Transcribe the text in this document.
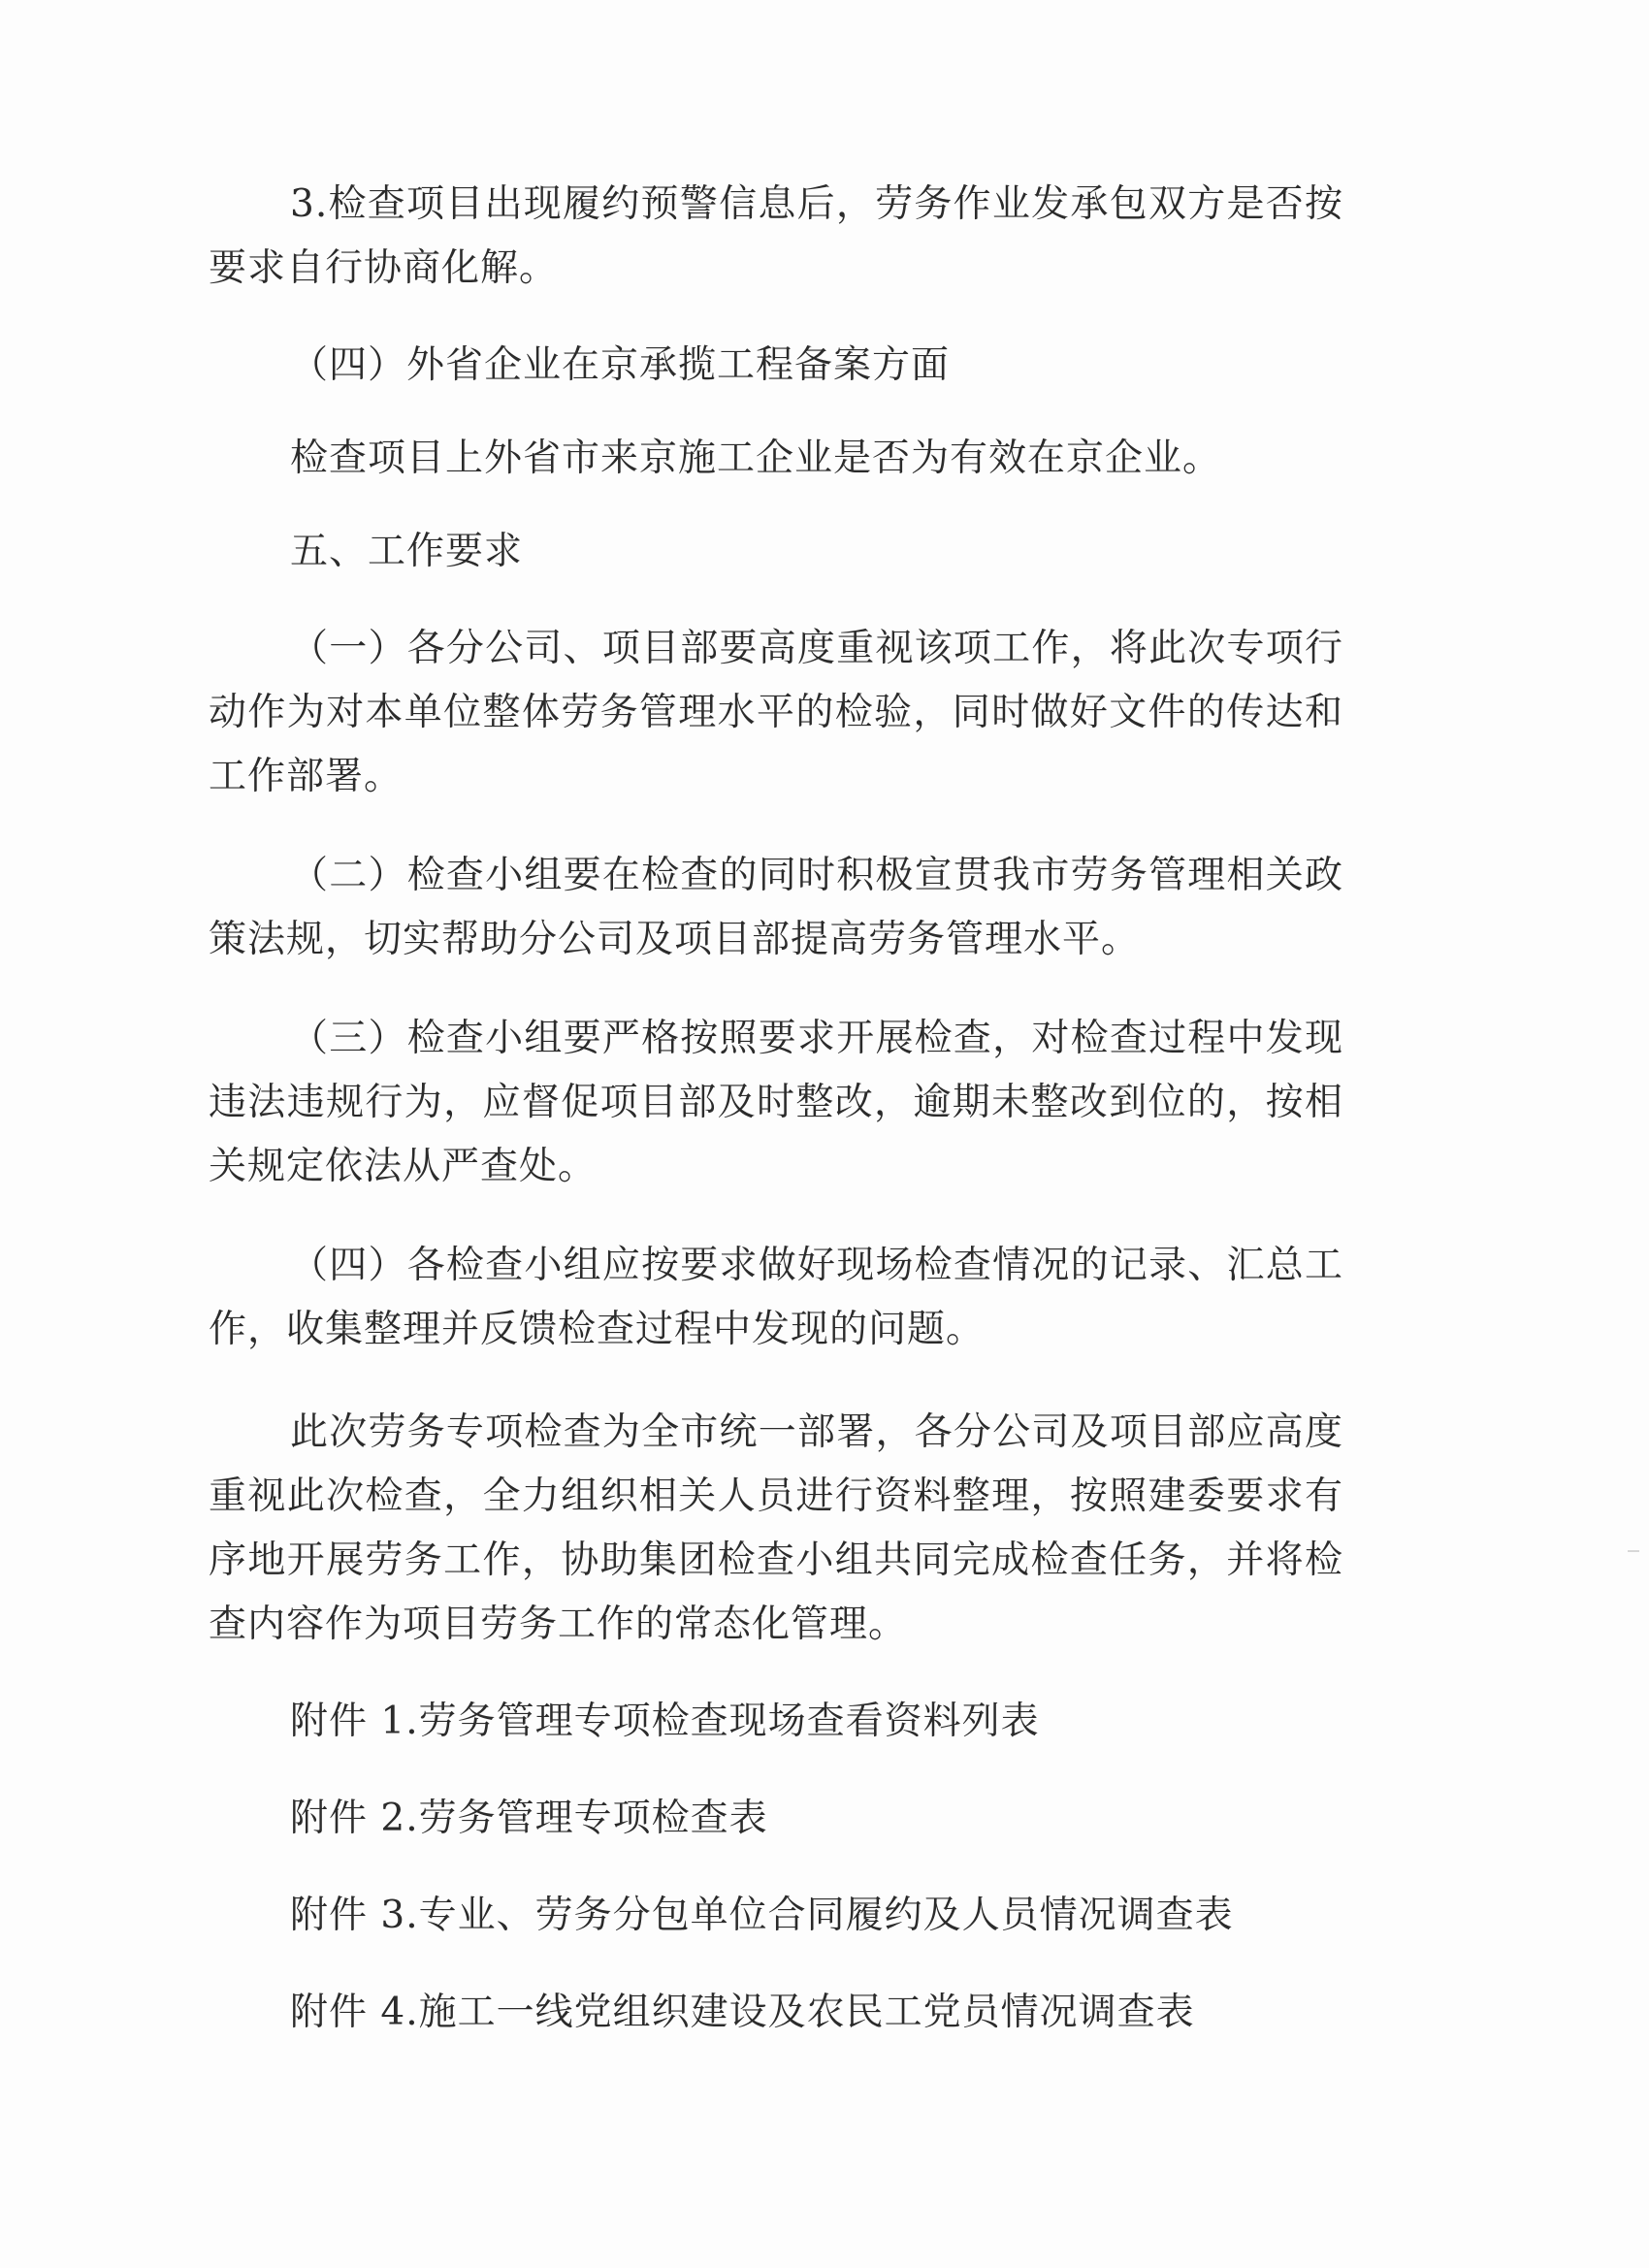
3.检查项目出现履约预警信息后，劳务作业发承包双方是否按要求自行协商化解。

（四）外省企业在京承揽工程备案方面

检查项目上外省市来京施工企业是否为有效在京企业。

五、工作要求

（一）各分公司、项目部要高度重视该项工作，将此次专项行动作为对本单位整体劳务管理水平的检验，同时做好文件的传达和工作部署。

（二）检查小组要在检查的同时积极宣贯我市劳务管理相关政策法规，切实帮助分公司及项目部提高劳务管理水平。

（三）检查小组要严格按照要求开展检查，对检查过程中发现违法违规行为，应督促项目部及时整改，逾期未整改到位的，按相关规定依法从严查处。

（四）各检查小组应按要求做好现场检查情况的记录、汇总工作，收集整理并反馈检查过程中发现的问题。

此次劳务专项检查为全市统一部署，各分公司及项目部应高度重视此次检查，全力组织相关人员进行资料整理，按照建委要求有序地开展劳务工作，协助集团检查小组共同完成检查任务，并将检查内容作为项目劳务工作的常态化管理。

附件 1.劳务管理专项检查现场查看资料列表

附件 2.劳务管理专项检查表

附件 3.专业、劳务分包单位合同履约及人员情况调查表

附件 4.施工一线党组织建设及农民工党员情况调查表
